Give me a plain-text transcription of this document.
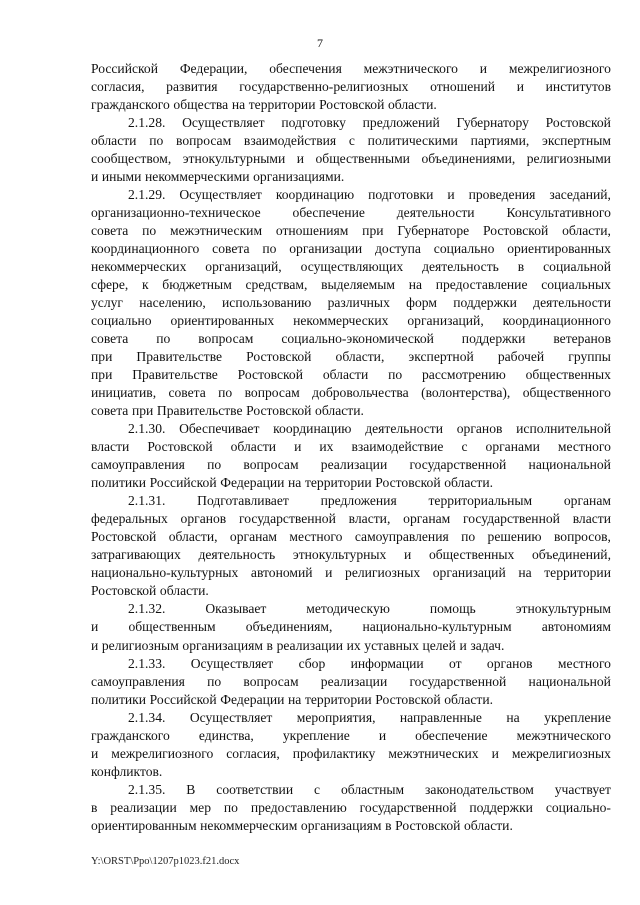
7
Российской Федерации, обеспечения межэтнического и межрелигиозного
согласия, развития государственно-религиозных отношений и институтов
гражданского общества на территории Ростовской области.
2.1.28. Осуществляет подготовку предложений Губернатору Ростовской
области по вопросам взаимодействия с политическими партиями, экспертным
сообществом, этнокультурными и общественными объединениями, религиозными
и иными некоммерческими организациями.
2.1.29. Осуществляет координацию подготовки и проведения заседаний,
организационно-техническое обеспечение деятельности Консультативного
совета по межэтническим отношениям при Губернаторе Ростовской области,
координационного совета по организации доступа социально ориентированных
некоммерческих организаций, осуществляющих деятельность в социальной
сфере, к бюджетным средствам, выделяемым на предоставление социальных
услуг населению, использованию различных форм поддержки деятельности
социально ориентированных некоммерческих организаций, координационного
совета по вопросам социально-экономической поддержки ветеранов
при Правительстве Ростовской области, экспертной рабочей группы
при Правительстве Ростовской области по рассмотрению общественных
инициатив, совета по вопросам добровольчества (волонтерства), общественного
совета при Правительстве Ростовской области.
2.1.30. Обеспечивает координацию деятельности органов исполнительной
власти Ростовской области и их взаимодействие с органами местного
самоуправления по вопросам реализации государственной национальной
политики Российской Федерации на территории Ростовской области.
2.1.31. Подготавливает предложения территориальным органам
федеральных органов государственной власти, органам государственной власти
Ростовской области, органам местного самоуправления по решению вопросов,
затрагивающих деятельность этнокультурных и общественных объединений,
национально-культурных автономий и религиозных организаций на территории
Ростовской области.
2.1.32.	Оказывает	методическую	помощь	этнокультурным
и общественным объединениям, национально-культурным автономиям
и религиозным организациям в реализации их уставных целей и задач.
2.1.33. Осуществляет сбор информации от органов местного
самоуправления по вопросам реализации государственной национальной
политики Российской Федерации на территории Ростовской области.
2.1.34. Осуществляет мероприятия, направленные на укрепление
гражданского единства, укрепление и обеспечение межэтнического
и межрелигиозного согласия, профилактику межэтнических и межрелигиозных
конфликтов.
2.1.35. В соответствии с областным законодательством участвует
в реализации мер по предоставлению государственной поддержки социально-
ориентированным некоммерческим организациям в Ростовской области.
Y:\ORST\Ppo\1207p1023.f21.docx
